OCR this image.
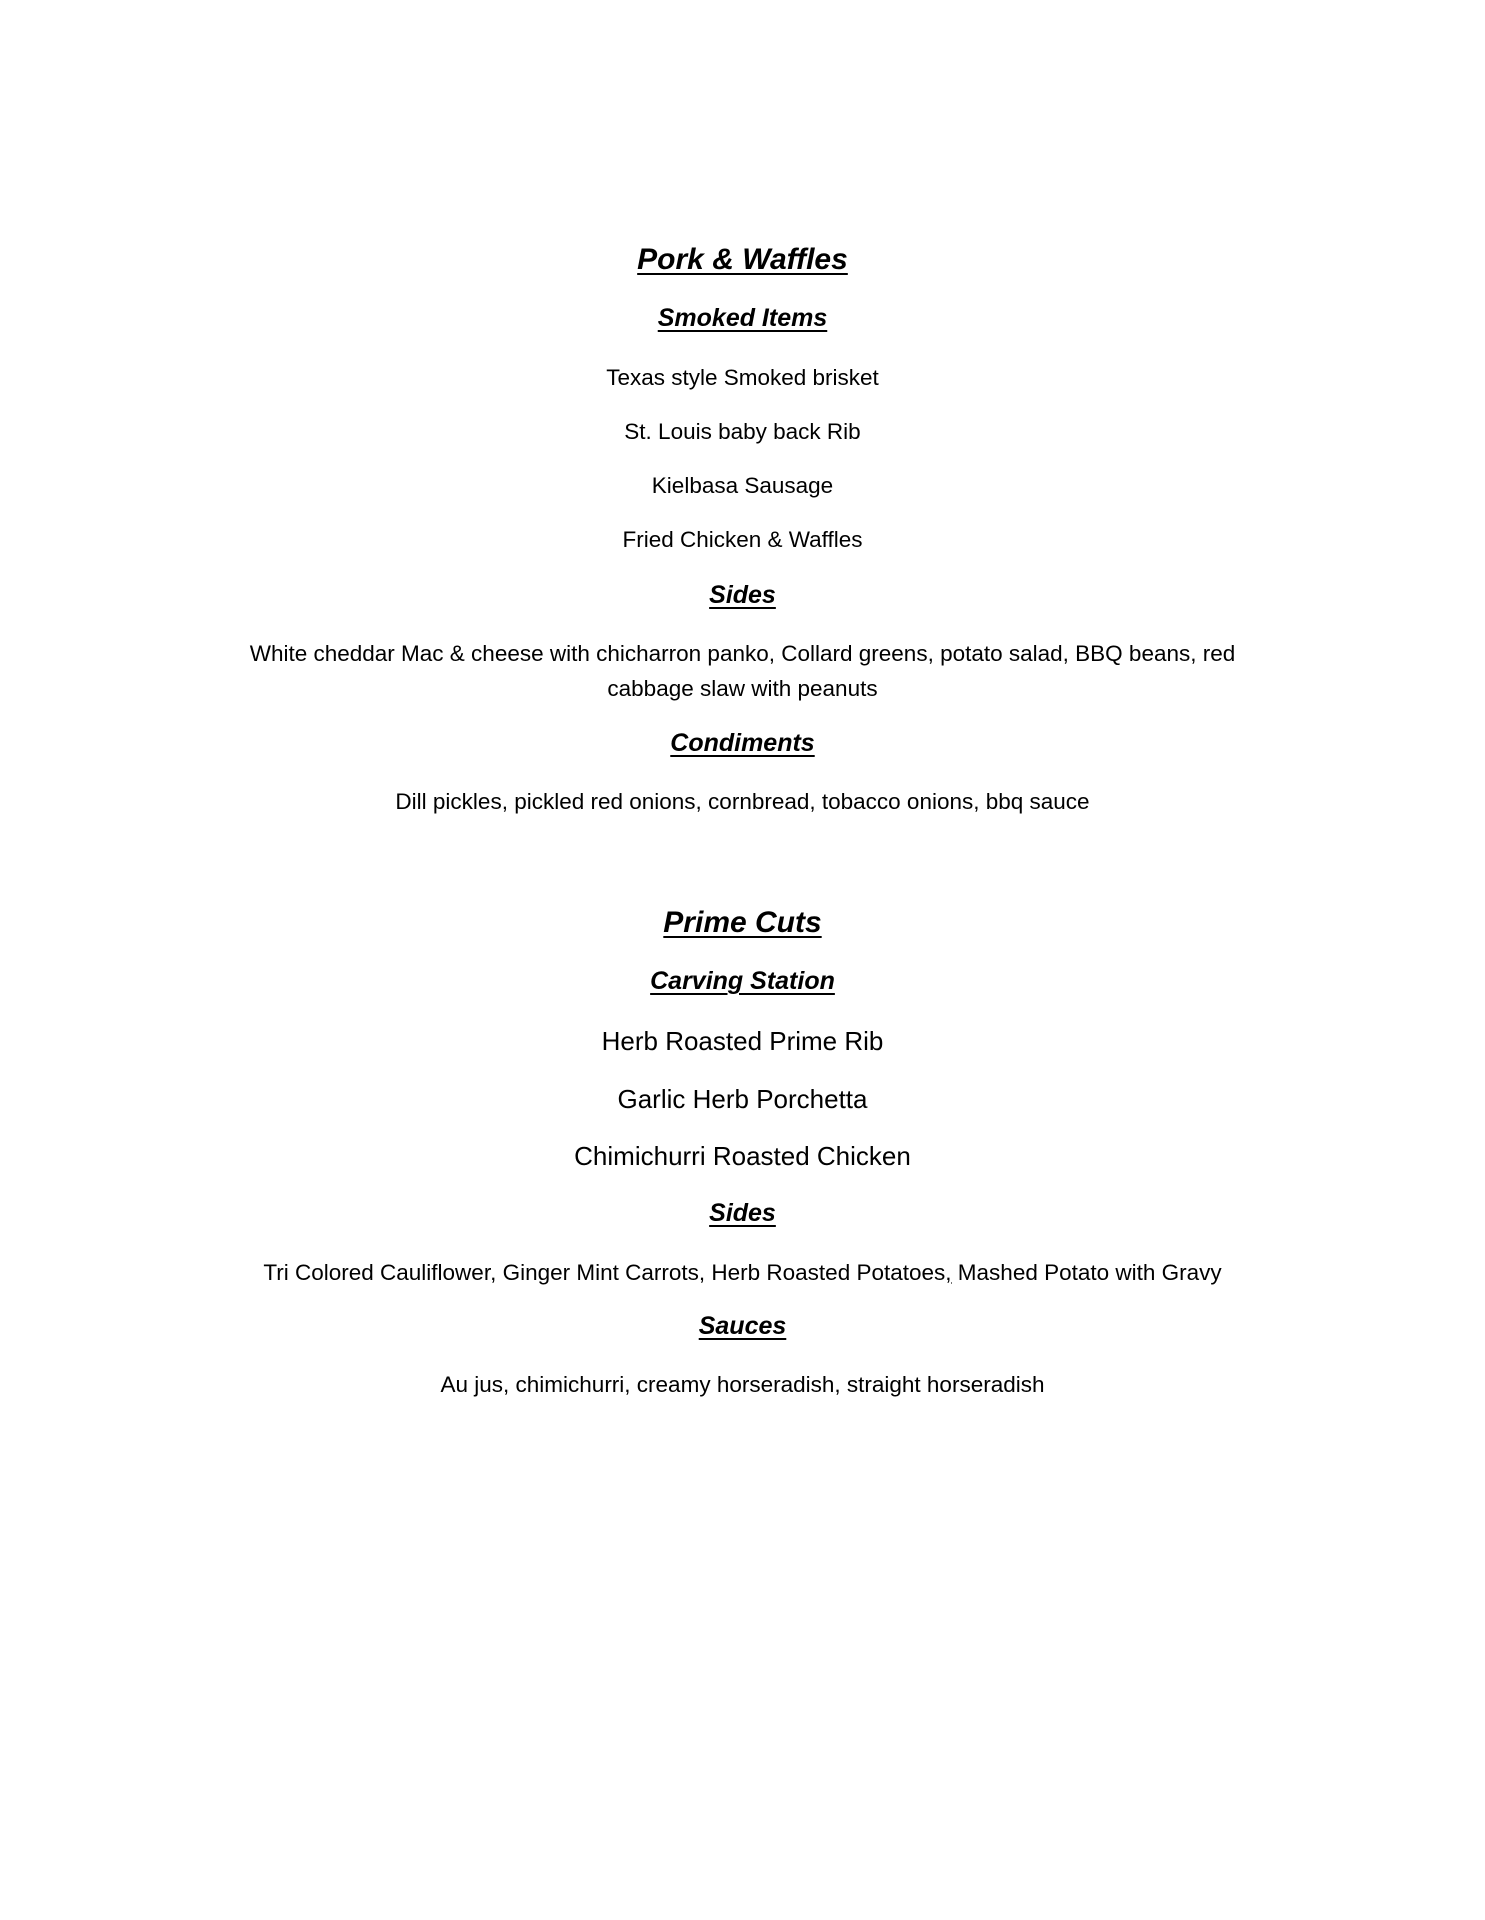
Pork & Waffles
Smoked Items
Texas style Smoked brisket
St. Louis baby back Rib
Kielbasa Sausage
Fried Chicken & Waffles
Sides
White cheddar Mac & cheese with chicharron panko, Collard greens, potato salad, BBQ beans, red
cabbage slaw with peanuts
Condiments
Dill pickles, pickled red onions, cornbread, tobacco onions, bbq sauce
Prime Cuts
Carving Station
Herb Roasted Prime Rib
Garlic Herb Porchetta
Chimichurri Roasted Chicken
Sides
Tri Colored Cauliflower, Ginger Mint Carrots, Herb Roasted Potatoes, Mashed Potato with Gravy
Sauces
Au jus, chimichurri, creamy horseradish, straight horseradish
